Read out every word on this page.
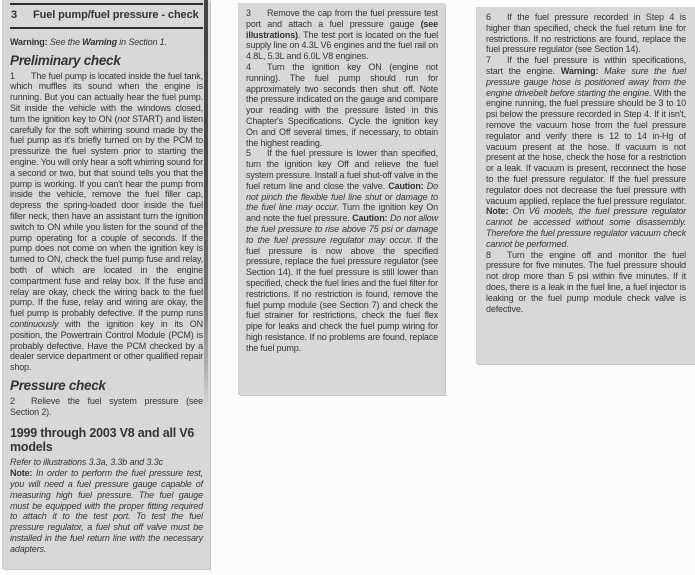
3 Fuel pump/fuel pressure - check
Warning: See the Warning in Section 1.
Preliminary check

1 The fuel pump is located inside the fuel tank, which muffles its sound when the engine is running. But you can actually hear the fuel pump. Sit inside the vehicle with the windows closed, turn the ignition key to ON (not START) and listen carefully for the soft whirring sound made by the fuel pump as it's briefly turned on by the PCM to pressurize the fuel system prior to starting the engine. You will only hear a soft whirring sound for a second or two, but that sound tells you that the pump is working. If you can't hear the pump from inside the vehicle, remove the fuel filler cap, depress the spring-loaded door inside the fuel filler neck, then have an assistant turn the ignition switch to ON while you listen for the sound of the pump operating for a couple of seconds. If the pump does not come on when the ignition key is turned to ON, check the fuel pump fuse and relay, both of which are located in the engine compartment fuse and relay box. If the fuse and relay are okay, check the wiring back to the fuel pump. If the fuse, relay and wiring are okay, the fuel pump is probably defective. If the pump runs continuously with the ignition key in its ON position, the Powertrain Control Module (PCM) is probably defective. Have the PCM checked by a dealer service department or other qualified repair shop.

Pressure check

2 Relieve the fuel system pressure (see Section 2).

1999 through 2003 V8 and all V6 models
Refer to illustrations 3.3a, 3.3b and 3.3c

Note: In order to perform the fuel pressure test, you will need a fuel pressure gauge capable of measuring high fuel pressure. The fuel gauge must be equipped with the proper fitting required to attach it to the test port. To test the fuel pressure regulator, a fuel shut off valve must be installed in the fuel return line with the necessary adapters.

3 Remove the cap from the fuel pressure test port and attach a fuel pressure gauge (see illustrations). The test port is located on the fuel supply line on 4.3L V6 engines and the fuel rail on 4.8L, 5.3L and 6.0L V8 engines.

4 Turn the ignition key ON (engine not running). The fuel pump should run for approximately two seconds then shut off. Note the pressure indicated on the gauge and compare your reading with the pressure listed in this Chapter's Specifications. Cycle the ignition key On and Off several times, if necessary, to obtain the highest reading.

5 If the fuel pressure is lower than specified, turn the ignition key Off and relieve the fuel system pressure. Install a fuel shut-off valve in the fuel return line and close the valve. Caution: Do not pinch the flexible fuel line shut or damage to the fuel line may occur. Turn the ignition key On and note the fuel pressure. Caution: Do not allow the fuel pressure to rise above 75 psi or damage to the fuel pressure regulator may occur. If the fuel pressure is now above the specified pressure, replace the fuel pressure regulator (see Section 14). If the fuel pressure is still lower than specified, check the fuel lines and the fuel filter for restrictions. If no restriction is found, remove the fuel pump module (see Section 7) and check the fuel strainer for restrictions, check the fuel flex pipe for leaks and check the fuel pump wiring for high resistance. If no problems are found, replace the fuel pump.

6 If the fuel pressure recorded in Step 4 is higher than specified, check the fuel return line for restrictions. If no restrictions are found, replace the fuel pressure regulator (see Section 14).

7 If the fuel pressure is within specifications, start the engine. Warning: Make sure the fuel pressure gauge hose is positioned away from the engine drivebelt before starting the engine. With the engine running, the fuel pressure should be 3 to 10 psi below the pressure recorded in Step 4. If it isn't, remove the vacuum hose from the fuel pressure regulator and verify there is 12 to 14 in-Hg of vacuum present at the hose. If vacuum is not present at the hose, check the hose for a restriction or a leak. If vacuum is present, reconnect the hose to the fuel pressure regulator. If the fuel pressure regulator does not decrease the fuel pressure with vacuum applied, replace the fuel pressure regulator. Note: On V6 models, the fuel pressure regulator cannot be accessed without some disassembly. Therefore the fuel pressure regulator vacuum check cannot be performed.

8 Turn the engine off and monitor the fuel pressure for five minutes. The fuel pressure should not drop more than 5 psi within five minutes. If it does, there is a leak in the fuel line, a fuel injector is leaking or the fuel pump module check valve is defective.
